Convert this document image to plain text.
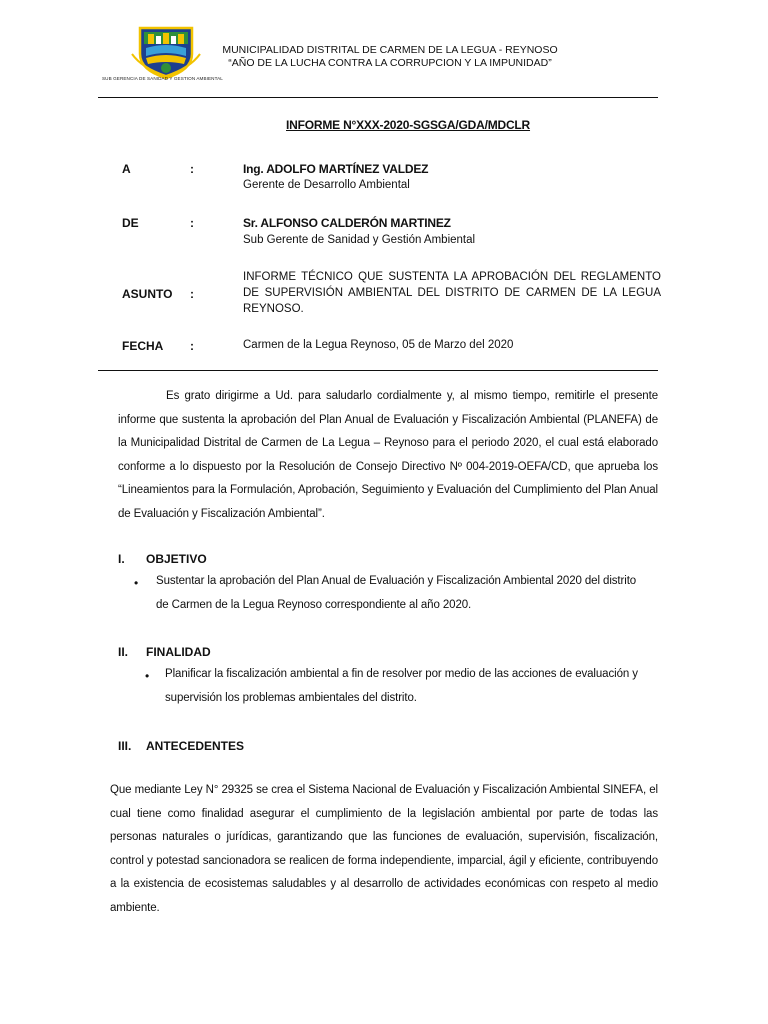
SUB GERENCIA DE SANIDAD Y GESTION AMBIENTAL
MUNICIPALIDAD DISTRITAL DE CARMEN DE LA LEGUA - REYNOSO
“AÑO DE LA LUCHA CONTRA LA CORRUPCION Y LA IMPUNIDAD”
INFORME N°XXX-2020-SGSGA/GDA/MDCLR
A	:	Ing. ADOLFO MARTÍNEZ VALDEZ
Gerente de Desarrollo Ambiental
DE	:	Sr. ALFONSO CALDERÓN MARTINEZ
Sub Gerente de Sanidad y Gestión Ambiental
ASUNTO :
INFORME TÉCNICO QUE SUSTENTA LA APROBACIÓN DEL REGLAMENTO DE SUPERVISIÓN AMBIENTAL DEL DISTRITO DE CARMEN DE LA LEGUA REYNOSO.
FECHA :	Carmen de la Legua Reynoso, 05 de Marzo del 2020
Es grato dirigirme a Ud. para saludarlo cordialmente y, al mismo tiempo, remitirle el presente informe que sustenta la aprobación del Plan Anual de Evaluación y Fiscalización Ambiental (PLANEFA) de la Municipalidad Distrital de Carmen de La Legua – Reynoso para el periodo 2020, el cual está elaborado conforme a lo dispuesto por la Resolución de Consejo Directivo Nº 004-2019-OEFA/CD, que aprueba los “Lineamientos para la Formulación, Aprobación, Seguimiento y Evaluación del Cumplimiento del Plan Anual de Evaluación y Fiscalización Ambiental”.
I. OBJETIVO
• Sustentar la aprobación del Plan Anual de Evaluación y Fiscalización Ambiental 2020 del distrito
de Carmen de la Legua Reynoso correspondiente al año 2020.
II. FINALIDAD
• Planificar la fiscalización ambiental a fin de resolver por medio de las acciones de evaluación y
supervisión los problemas ambientales del distrito.
III. ANTECEDENTES
Que mediante Ley N° 29325 se crea el Sistema Nacional de Evaluación y Fiscalización Ambiental SINEFA, el cual tiene como finalidad asegurar el cumplimiento de la legislación ambiental por parte de todas las personas naturales o jurídicas, garantizando que las funciones de evaluación, supervisión, fiscalización, control y potestad sancionadora se realicen de forma independiente, imparcial, ágil y eficiente, contribuyendo a la existencia de ecosistemas saludables y al desarrollo de actividades económicas con respeto al medio ambiente.
